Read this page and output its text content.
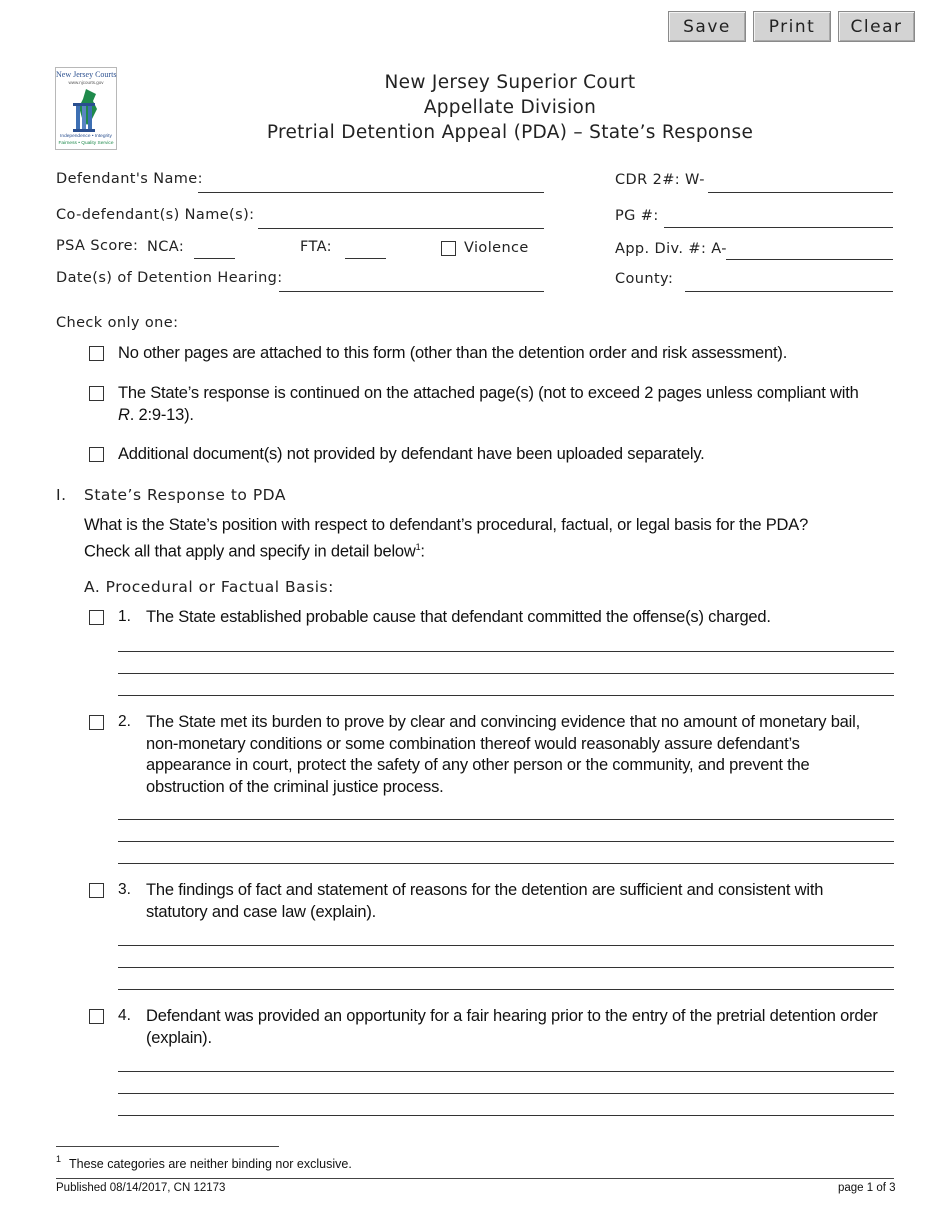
Save	Print	Clear
New Jersey Courts
www.njcourts.gov
Independence • Integrity
Fairness • Quality Service
New Jersey Superior Court
Appellate Division
Pretrial Detention Appeal (PDA) – State’s Response
Defendant's Name:
Co-defendant(s) Name(s):
PSA Score: NCA:	FTA:	Violence
Date(s) of Detention Hearing:
CDR 2#: W-
PG #:
App. Div. #: A-
County:
Check only one:
No other pages are attached to this form (other than the detention order and risk assessment).
The State’s response is continued on the attached page(s) (not to exceed 2 pages unless compliant with
R. 2:9-13).
Additional document(s) not provided by defendant have been uploaded separately.
I. State’s Response to PDA
What is the State’s position with respect to defendant’s procedural, factual, or legal basis for the PDA?
Check all that apply and specify in detail below$^1$:
A. Procedural or Factual Basis:
1. The State established probable cause that defendant committed the offense(s) charged.
2. The State met its burden to prove by clear and convincing evidence that no amount of monetary bail, non-monetary conditions or some combination thereof would reasonably assure defendant’s appearance in court, protect the safety of any other person or the community, and prevent the obstruction of the criminal justice process.
3. The findings of fact and statement of reasons for the detention are sufficient and consistent with statutory and case law (explain).
4. Defendant was provided an opportunity for a fair hearing prior to the entry of the pretrial detention order (explain).
1 These categories are neither binding nor exclusive.
Published 08/14/2017, CN 12173	page 1 of 3
